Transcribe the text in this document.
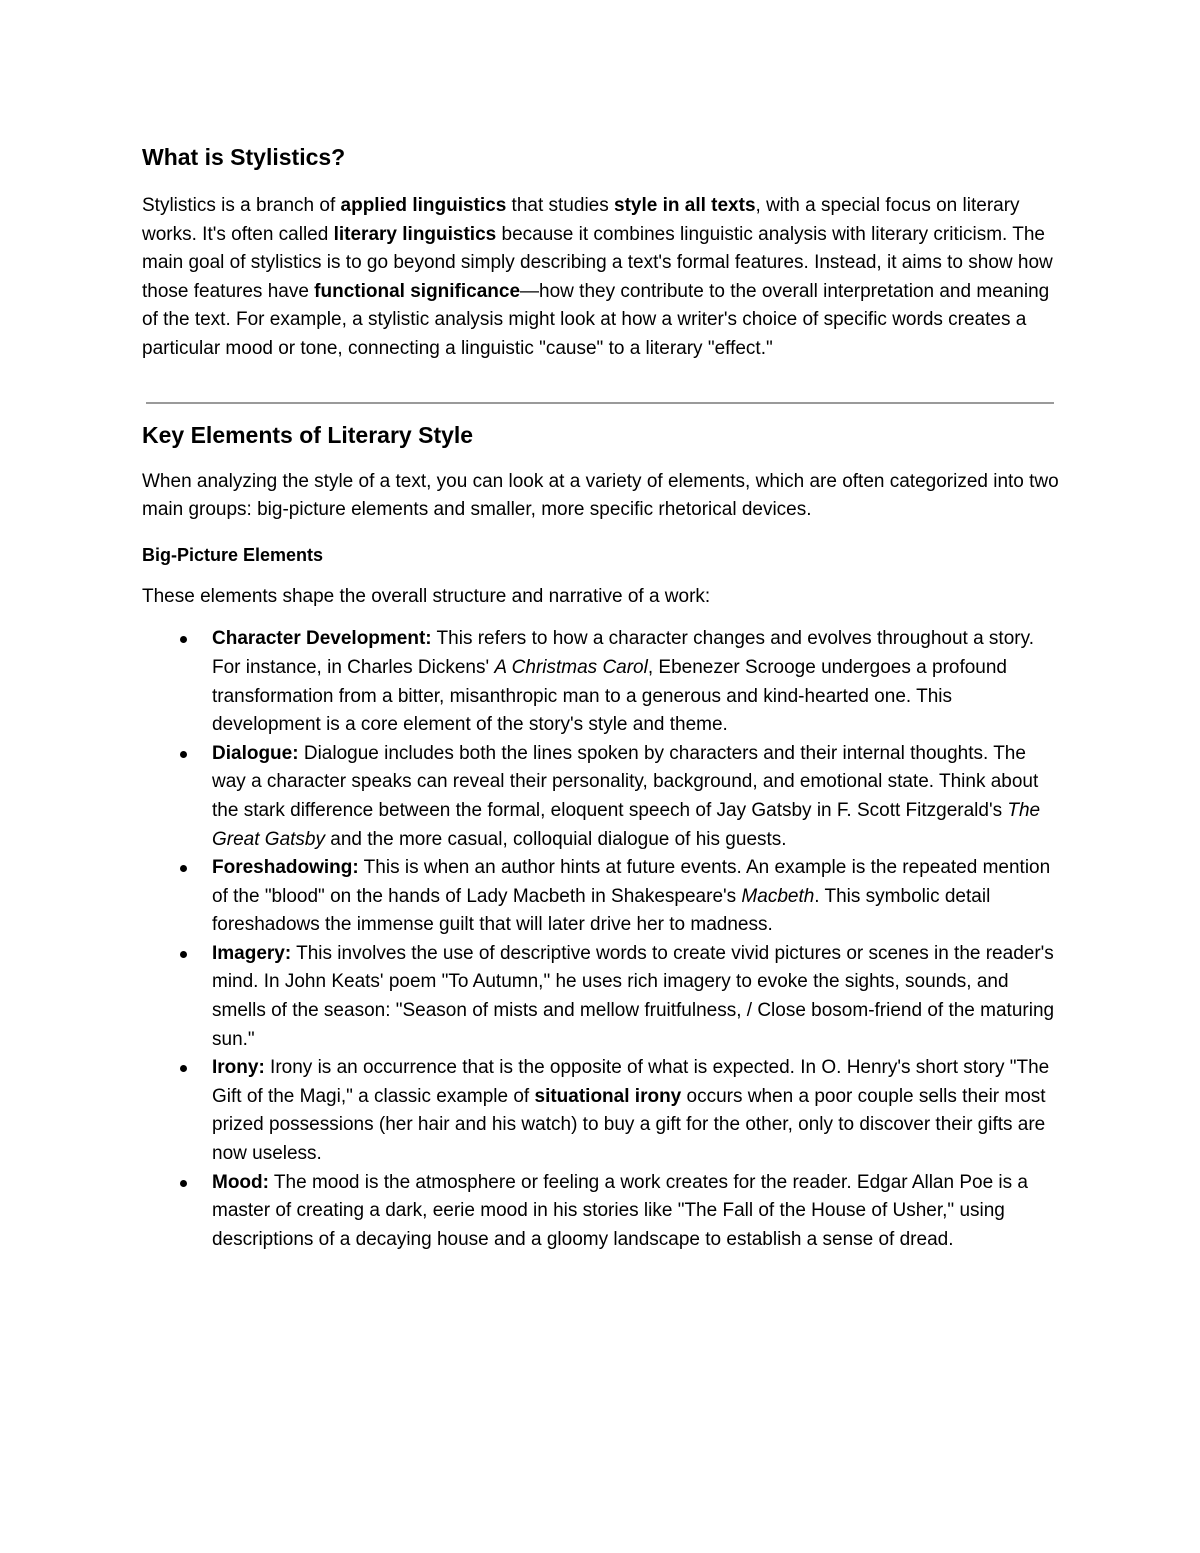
What is Stylistics?

Stylistics is a branch of applied linguistics that studies style in all texts, with a special focus on literary works. It's often called literary linguistics because it combines linguistic analysis with literary criticism. The main goal of stylistics is to go beyond simply describing a text's formal features. Instead, it aims to show how those features have functional significance—how they contribute to the overall interpretation and meaning of the text. For example, a stylistic analysis might look at how a writer's choice of specific words creates a particular mood or tone, connecting a linguistic "cause" to a literary "effect."

Key Elements of Literary Style

When analyzing the style of a text, you can look at a variety of elements, which are often categorized into two main groups: big-picture elements and smaller, more specific rhetorical devices.

Big-Picture Elements

These elements shape the overall structure and narrative of a work:

Character Development: This refers to how a character changes and evolves throughout a story. For instance, in Charles Dickens' A Christmas Carol, Ebenezer Scrooge undergoes a profound transformation from a bitter, misanthropic man to a generous and kind-hearted one. This development is a core element of the story's style and theme.
Dialogue: Dialogue includes both the lines spoken by characters and their internal thoughts. The way a character speaks can reveal their personality, background, and emotional state. Think about the stark difference between the formal, eloquent speech of Jay Gatsby in F. Scott Fitzgerald's The Great Gatsby and the more casual, colloquial dialogue of his guests.
Foreshadowing: This is when an author hints at future events. An example is the repeated mention of the "blood" on the hands of Lady Macbeth in Shakespeare's Macbeth. This symbolic detail foreshadows the immense guilt that will later drive her to madness.
Imagery: This involves the use of descriptive words to create vivid pictures or scenes in the reader's mind. In John Keats' poem "To Autumn," he uses rich imagery to evoke the sights, sounds, and smells of the season: "Season of mists and mellow fruitfulness, / Close bosom-friend of the maturing sun."
Irony: Irony is an occurrence that is the opposite of what is expected. In O. Henry's short story "The Gift of the Magi," a classic example of situational irony occurs when a poor couple sells their most prized possessions (her hair and his watch) to buy a gift for the other, only to discover their gifts are now useless.
Mood: The mood is the atmosphere or feeling a work creates for the reader. Edgar Allan Poe is a master of creating a dark, eerie mood in his stories like "The Fall of the House of Usher," using descriptions of a decaying house and a gloomy landscape to establish a sense of dread.
